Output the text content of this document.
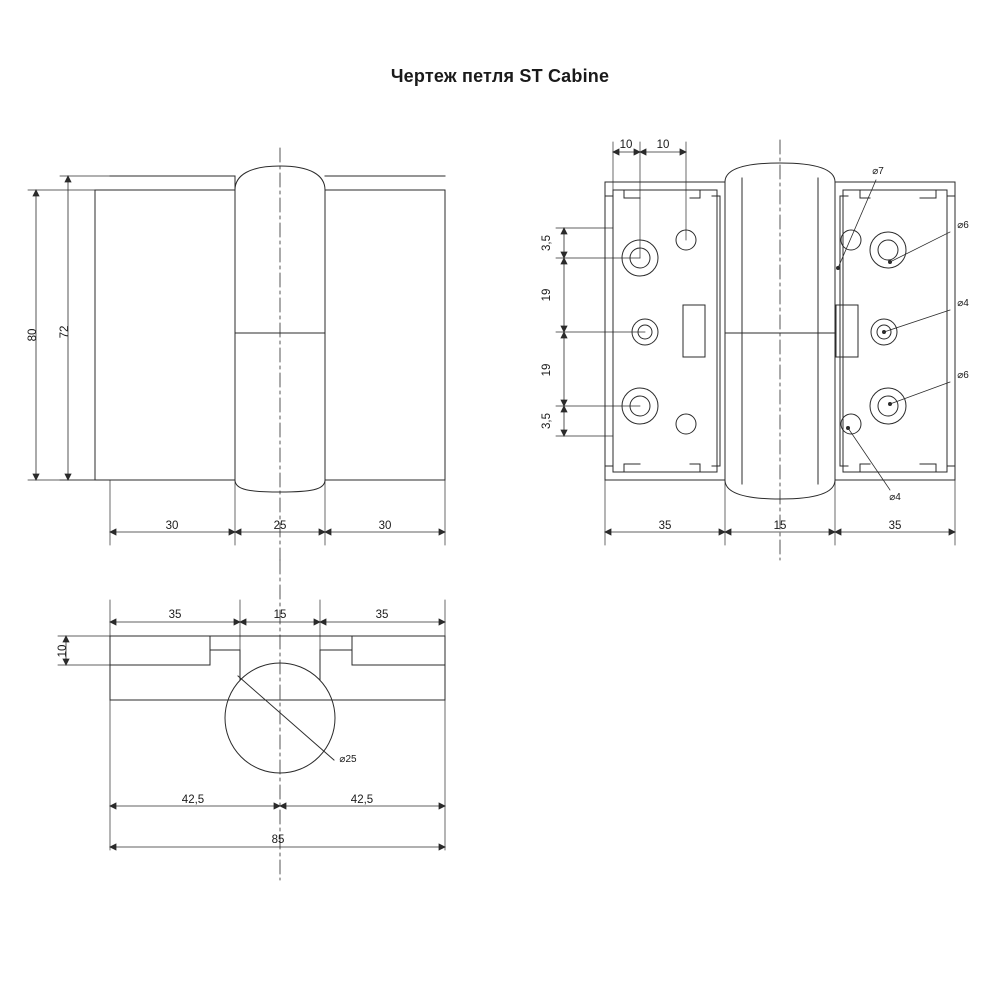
Чертеж петля ST Cabine
80 72
30	25	30
10 10
3,5
19
19
3,5
35	15	35
⌀7
⌀6
⌀4
⌀6
⌀4
35	15	35
10
42,5	42,5
85
⌀25
